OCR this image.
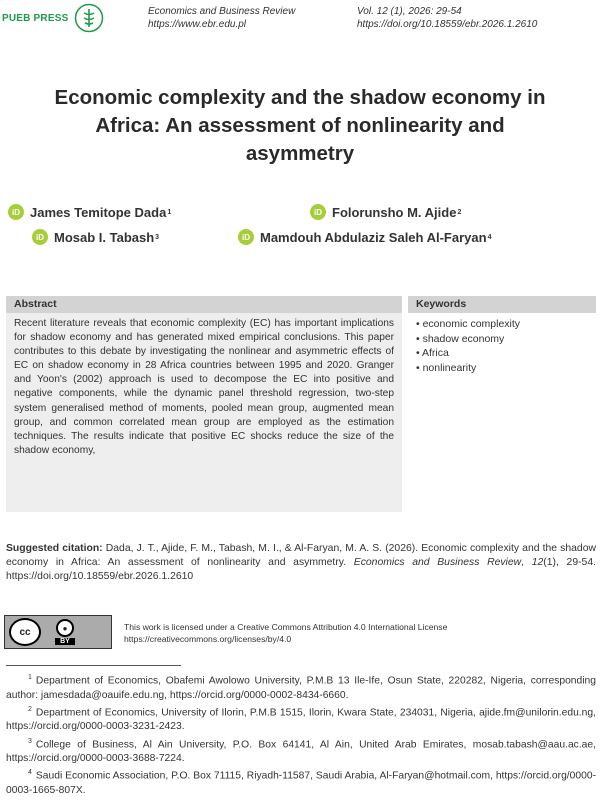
PUEB PRESS
Economics and Business Review
https://www.ebr.edu.pl
Vol. 12 (1), 2026: 29-54
https://doi.org/10.18559/ebr.2026.1.2610
Economic complexity and the shadow economy in Africa: An assessment of nonlinearity and asymmetry
iD James Temitope Dada 1	iD Folorunsho M. Ajide 2
iD Mosab I. Tabash 3	iD Mamdouh Abdulaziz Saleh Al-Faryan 4
Abstract
Recent literature reveals that economic complexity (EC) has important implications for shadow economy and has generated mixed empirical conclusions. This paper contributes to this debate by investigating the nonlinear and asymmetric effects of EC on shadow economy in 28 Africa countries between 1995 and 2020. Granger and Yoon's (2002) approach is used to decompose the EC into positive and negative components, while the dynamic panel threshold regression, two-step system generalised method of moments, pooled mean group, augmented mean group, and common correlated mean group are employed as the estimation techniques. The results indicate that positive EC shocks reduce the size of the shadow economy,
Keywords
• economic complexity
• shadow economy
• Africa
• nonlinearity
Suggested citation: Dada, J. T., Ajide, F. M., Tabash, M. I., & Al-Faryan, M. A. S. (2026). Economic complexity and the shadow economy in Africa: An assessment of nonlinearity and asymmetry. Economics and Business Review, 12(1), 29-54. https://doi.org/10.18559/ebr.2026.1.2610
cc	●
BY
This work is licensed under a Creative Commons Attribution 4.0 International License
https://creativecommons.org/licenses/by/4.0
$^1$ Department of Economics, Obafemi Awolowo University, P.M.B 13 Ile-Ife, Osun State, 220282, Nigeria, corresponding author: jamesdada@oauife.edu.ng, https://orcid.org/0000-0002-8434-6660.
$^2$ Department of Economics, University of Ilorin, P.M.B 1515, Ilorin, Kwara State, 234031, Nigeria, ajide.fm@unilorin.edu.ng, https://orcid.org/0000-0003-3231-2423.
$^3$ College of Business, Al Ain University, P.O. Box 64141, Al Ain, United Arab Emirates, mosab.tabash@aau.ac.ae, https://orcid.org/0000-0003-3688-7224.
$^4$ Saudi Economic Association, P.O. Box 71115, Riyadh-11587, Saudi Arabia, Al-Faryan@hotmail.com, https://orcid.org/0000-0003-1665-807X.
